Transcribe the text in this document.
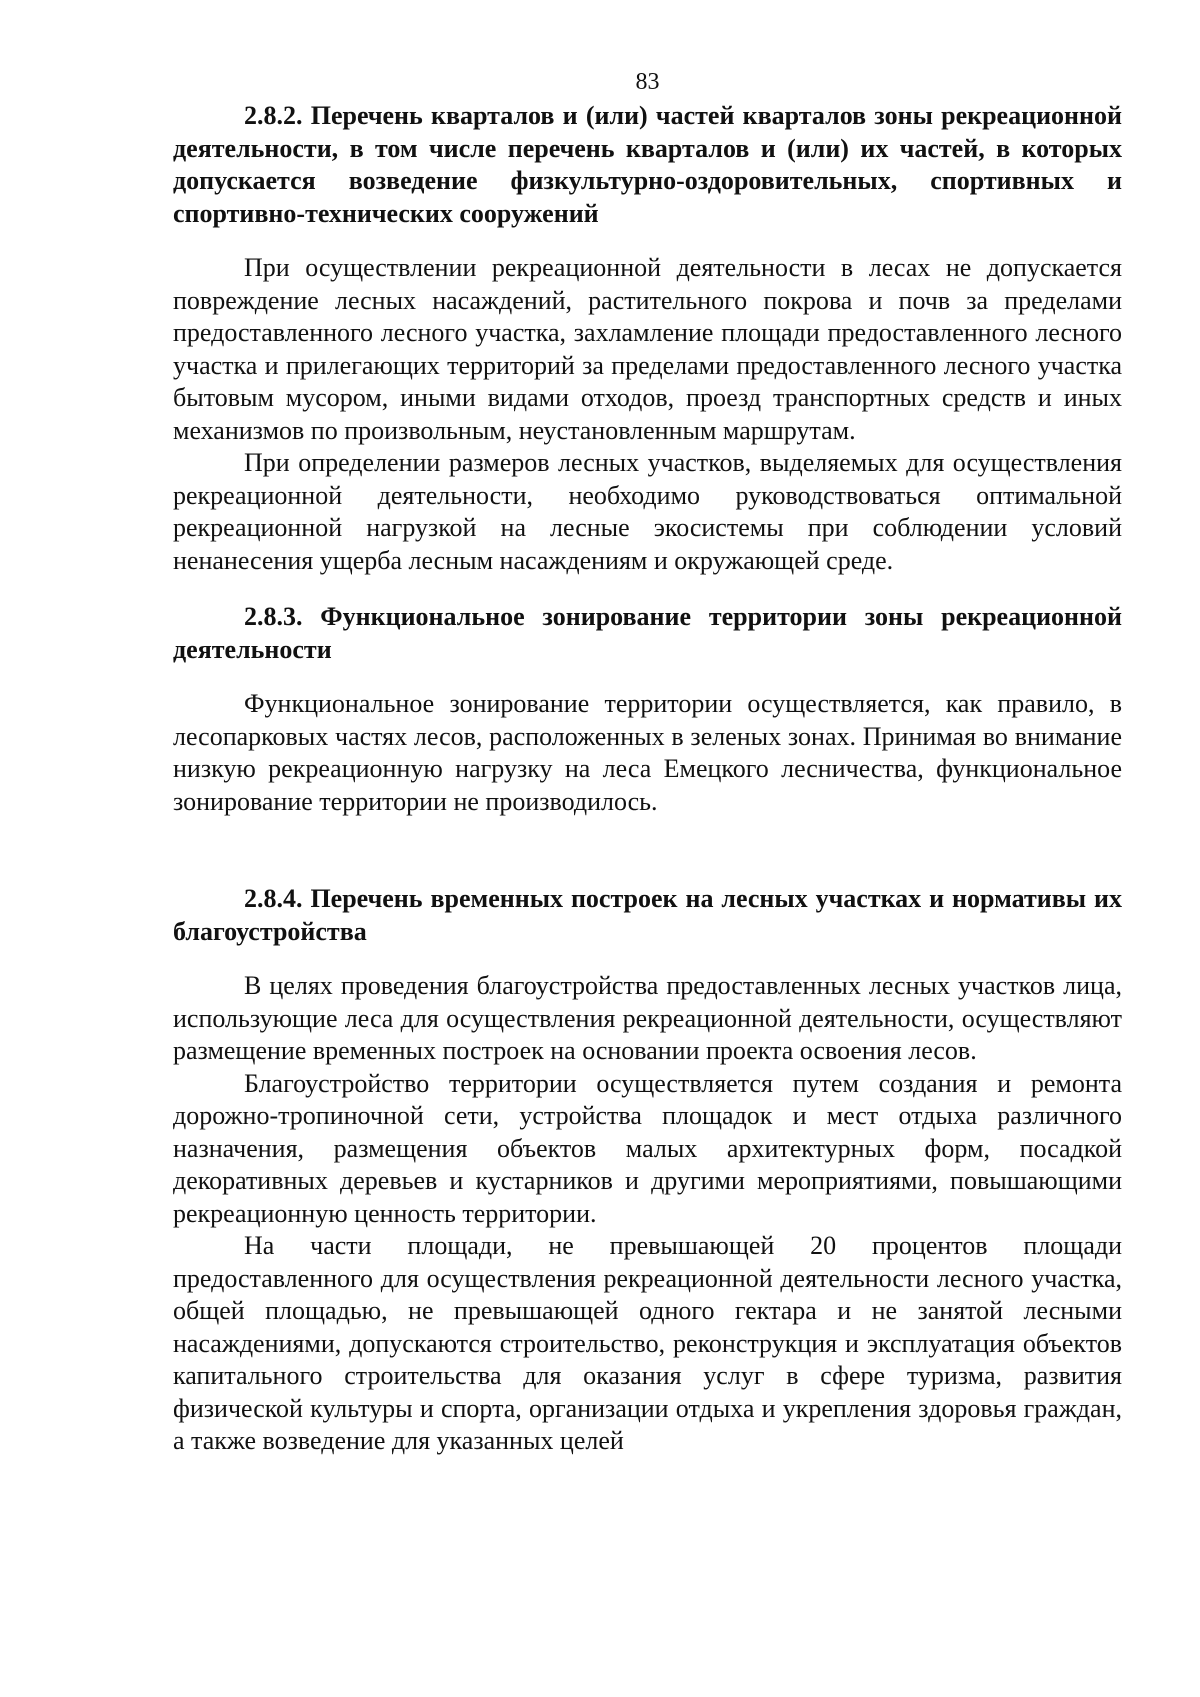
83

2.8.2. Перечень кварталов и (или) частей кварталов зоны рекреационной деятельности, в том числе перечень кварталов и (или) их частей, в которых допускается возведение физкультурно-оздоровительных, спортивных и спортивно-технических сооружений

При осуществлении рекреационной деятельности в лесах не допускается повреждение лесных насаждений, растительного покрова и почв за пределами предоставленного лесного участка, захламление площади предоставленного лесного участка и прилегающих территорий за пределами предоставленного лесного участка бытовым мусором, иными видами отходов, проезд транспортных средств и иных механизмов по произвольным, неустановленным маршрутам.

При определении размеров лесных участков, выделяемых для осуществления рекреационной деятельности, необходимо руководствоваться оптимальной рекреационной нагрузкой на лесные экосистемы при соблюдении условий ненанесения ущерба лесным насаждениям и окружающей среде.

2.8.3. Функциональное зонирование территории зоны рекреационной деятельности

Функциональное зонирование территории осуществляется, как правило, в лесопарковых частях лесов, расположенных в зеленых зонах. Принимая во внимание низкую рекреационную нагрузку на леса Емецкого лесничества, функциональное зонирование территории не производилось.

2.8.4. Перечень временных построек на лесных участках и нормативы их благоустройства

В целях проведения благоустройства предоставленных лесных участков лица, использующие леса для осуществления рекреационной деятельности, осуществляют размещение временных построек на основании проекта освоения лесов.

Благоустройство территории осуществляется путем создания и ремонта дорожно-тропиночной сети, устройства площадок и мест отдыха различного назначения, размещения объектов малых архитектурных форм, посадкой декоративных деревьев и кустарников и другими мероприятиями, повышающими рекреационную ценность территории.

На части площади, не превышающей 20 процентов площади предоставленного для осуществления рекреационной деятельности лесного участка, общей площадью, не превышающей одного гектара и не занятой лесными насаждениями, допускаются строительство, реконструкция и эксплуатация объектов капитального строительства для оказания услуг в сфере туризма, развития физической культуры и спорта, организации отдыха и укрепления здоровья граждан, а также возведение для указанных целей
